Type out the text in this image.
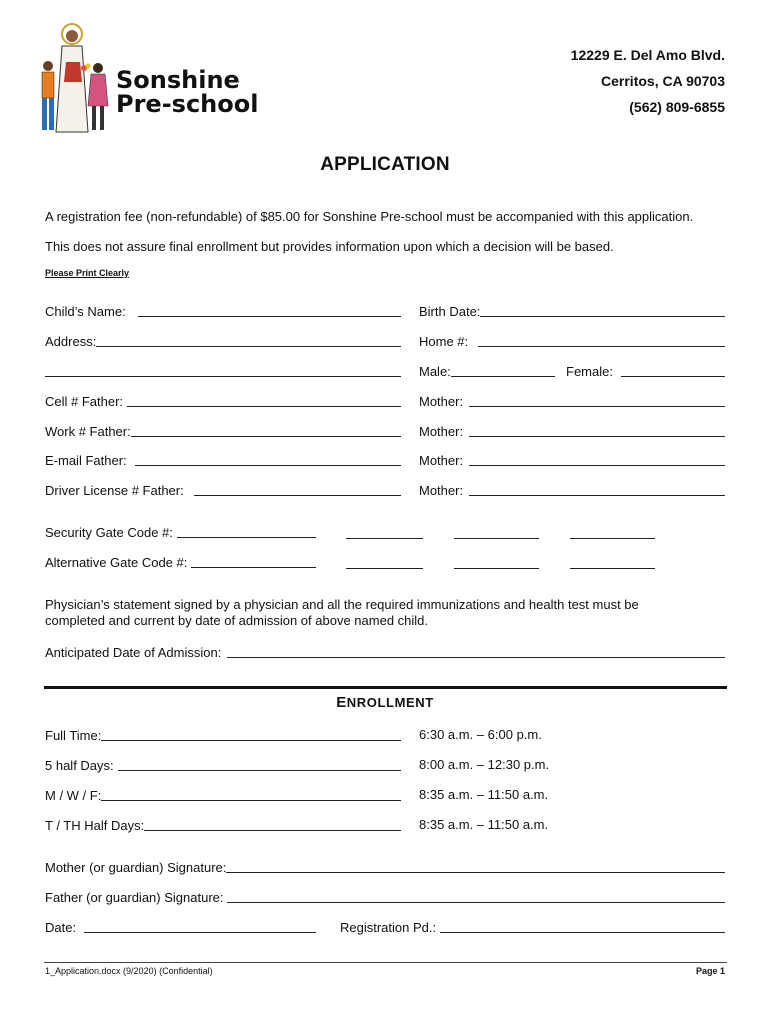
Sonshine
Pre-school
12229 E. Del Amo Blvd.
Cerritos, CA 90703
(562) 809-6855
APPLICATION
A registration fee (non-refundable) of $85.00 for Sonshine Pre-school must be accompanied with this application.
This does not assure final enrollment but provides information upon which a decision will be based.
Please Print Clearly
Child’s Name:	Birth Date:
Address:	Home #:
Male:	Female:
Cell # Father:	Mother:
Work # Father:	Mother:
E-mail Father:	Mother:
Driver License # Father:	Mother:
Security Gate Code #:
Alternative Gate Code #:
Physician’s statement signed by a physician and all the required immunizations and health test must be
completed and current by date of admission of above named child.
Anticipated Date of Admission:
ENROLLMENT
Full Time:	6:30 a.m. – 6:00 p.m.
5 half Days:	8:00 a.m. – 12:30 p.m.
M / W / F:	8:35 a.m. – 11:50 a.m.
T / TH Half Days:	8:35 a.m. – 11:50 a.m.
Mother (or guardian) Signature:
Father (or guardian) Signature:
Date:	Registration Pd.:
1_Application.docx (9/2020) (Confidential)	Page 1
